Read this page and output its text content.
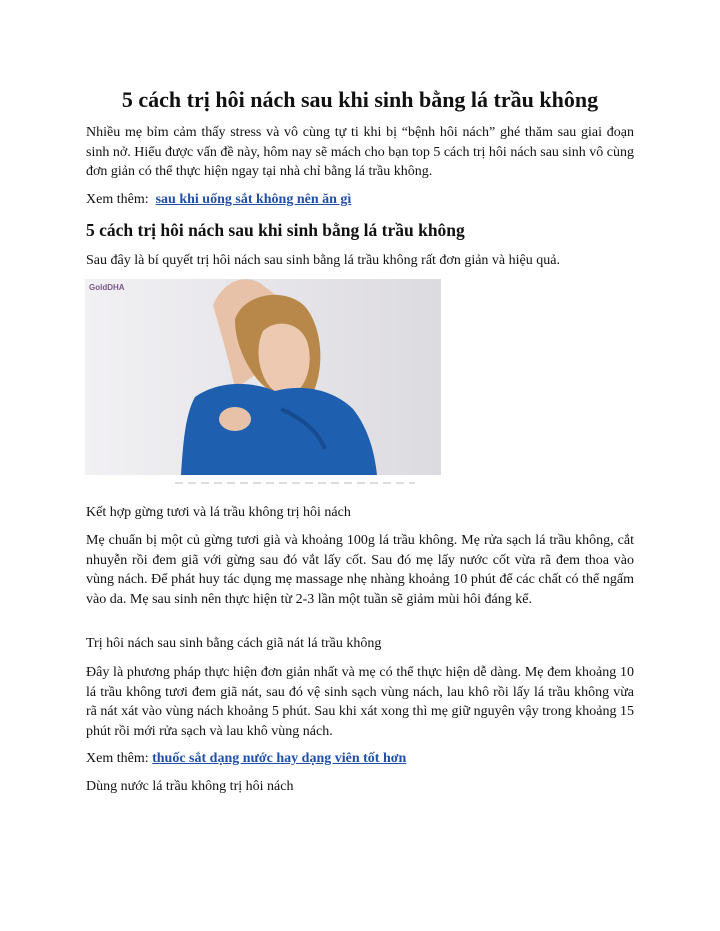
5 cách trị hôi nách sau khi sinh bằng lá trầu không

Nhiều mẹ bỉm cảm thấy stress và vô cùng tự ti khi bị “bệnh hôi nách” ghé thăm sau giai đoạn sinh nở. Hiểu được vấn đề này, hôm nay sẽ mách cho bạn top 5 cách trị hôi nách sau sinh vô cùng đơn giản có thể thực hiện ngay tại nhà chỉ bằng lá trầu không.

Xem thêm: sau khi uống sắt không nên ăn gì

5 cách trị hôi nách sau khi sinh bằng lá trầu không

Sau đây là bí quyết trị hôi nách sau sinh bằng lá trầu không rất đơn giản và hiệu quả.

GoldDHA

Kết hợp gừng tươi và lá trầu không trị hôi nách

Mẹ chuẩn bị một củ gừng tươi già và khoảng 100g lá trầu không. Mẹ rửa sạch lá trầu không, cắt nhuyễn rồi đem giã với gừng sau đó vắt lấy cốt. Sau đó mẹ lấy nước cốt vừa rã đem thoa vào vùng nách. Để phát huy tác dụng mẹ massage nhẹ nhàng khoảng 10 phút để các chất có thể ngấm vào da. Mẹ sau sinh nên thực hiện từ 2-3 lần một tuần sẽ giảm mùi hôi đáng kể.

Trị hôi nách sau sinh bằng cách giã nát lá trầu không

Đây là phương pháp thực hiện đơn giản nhất và mẹ có thể thực hiện dễ dàng. Mẹ đem khoảng 10 lá trầu không tươi đem giã nát, sau đó vệ sinh sạch vùng nách, lau khô rồi lấy lá trầu không vừa rã nát xát vào vùng nách khoảng 5 phút. Sau khi xát xong thì mẹ giữ nguyên vậy trong khoảng 15 phút rồi mới rửa sạch và lau khô vùng nách.

Xem thêm: thuốc sắt dạng nước hay dạng viên tốt hơn

Dùng nước lá trầu không trị hôi nách
